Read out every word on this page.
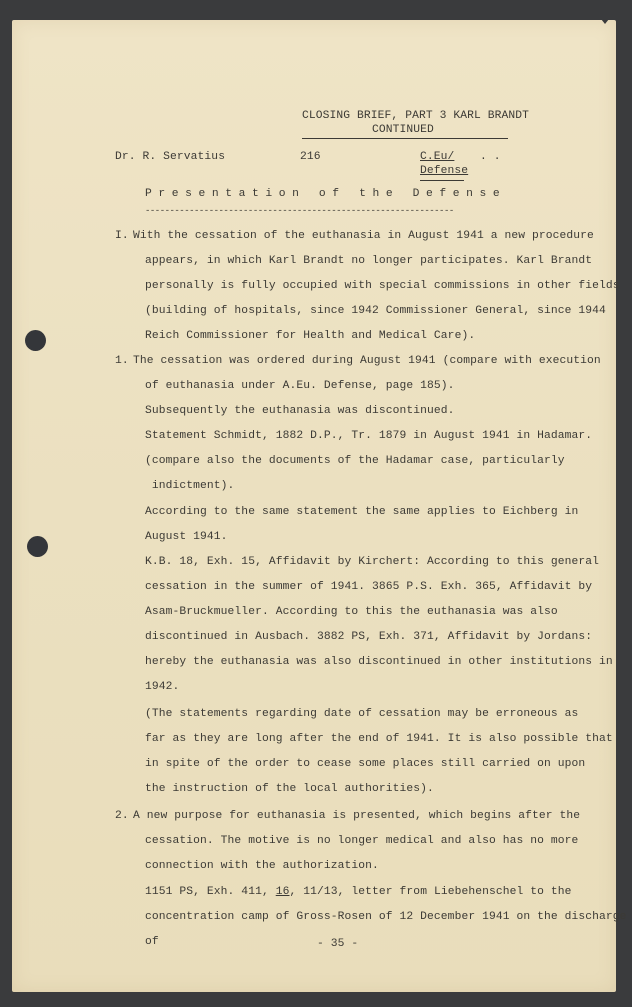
CLOSING BRIEF, PART 3 KARL BRANDT
CONTINUED
Dr. R. Servatius	216	C.Eu/
Defense
. .
Presentation of the Defense
---------------------------------------------------------------
I. With the cessation of the euthanasia in August 1941 a new procedure
appears, in which Karl Brandt no longer participates. Karl Brandt
personally is fully occupied with special commissions in other fields
(building of hospitals, since 1942 Commissioner General, since 1944
Reich Commissioner for Health and Medical Care).
1. The cessation was ordered during August 1941 (compare with execution
of euthanasia under A.Eu. Defense, page 185).
Subsequently the euthanasia was discontinued.
Statement Schmidt, 1882 D.P., Tr. 1879 in August 1941 in Hadamar.
(compare also the documents of the Hadamar case, particularly
indictment).
According to the same statement the same applies to Eichberg in
August 1941.
K.B. 18, Exh. 15, Affidavit by Kirchert: According to this general
cessation in the summer of 1941. 3865 P.S. Exh. 365, Affidavit by
Asam-Bruckmueller. According to this the euthanasia was also
discontinued in Ausbach. 3882 PS, Exh. 371, Affidavit by Jordans:
hereby the euthanasia was also discontinued in other institutions in
1942.
(The statements regarding date of cessation may be erroneous as
far as they are long after the end of 1941. It is also possible that
in spite of the order to cease some places still carried on upon
the instruction of the local authorities).
2. A new purpose for euthanasia is presented, which begins after the
cessation. The motive is no longer medical and also has no more
connection with the authorization.
1151 PS, Exh. 411, 16, 11/13, letter from Liebehenschel to the
concentration camp of Gross-Rosen of 12 December 1941 on the discharge
of	- 35 -
